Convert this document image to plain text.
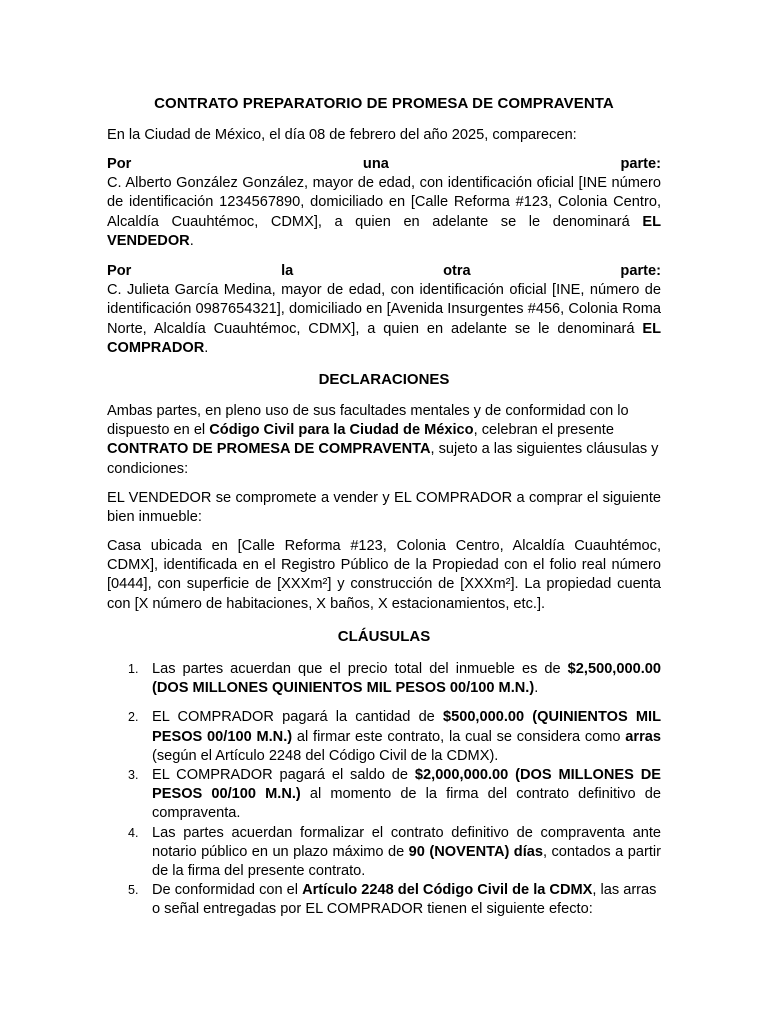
CONTRATO PREPARATORIO DE PROMESA DE COMPRAVENTA
En la Ciudad de México, el día 08 de febrero del año 2025, comparecen:
Por	una	parte:
C. Alberto González González, mayor de edad, con identificación oficial [INE número de identificación 1234567890, domiciliado en [Calle Reforma #123, Colonia Centro, Alcaldía Cuauhtémoc, CDMX], a quien en adelante se le denominará EL VENDEDOR.
Por	la	otra	parte:
C. Julieta García Medina, mayor de edad, con identificación oficial [INE, número de identificación 0987654321], domiciliado en [Avenida Insurgentes #456, Colonia Roma Norte, Alcaldía Cuauhtémoc, CDMX], a quien en adelante se le denominará EL COMPRADOR.
DECLARACIONES
Ambas partes, en pleno uso de sus facultades mentales y de conformidad con lo dispuesto en el Código Civil para la Ciudad de México, celebran el presente CONTRATO DE PROMESA DE COMPRAVENTA, sujeto a las siguientes cláusulas y condiciones:
EL VENDEDOR se compromete a vender y EL COMPRADOR a comprar el siguiente bien inmueble:
Casa ubicada en [Calle Reforma #123, Colonia Centro, Alcaldía Cuauhtémoc, CDMX], identificada en el Registro Público de la Propiedad con el folio real número [0444], con superficie de [XXXm²] y construcción de [XXXm²]. La propiedad cuenta con [X número de habitaciones, X baños, X estacionamientos, etc.].
CLÁUSULAS
1. Las partes acuerdan que el precio total del inmueble es de $2,500,000.00 (DOS MILLONES QUINIENTOS MIL PESOS 00/100 M.N.).
2. EL COMPRADOR pagará la cantidad de $500,000.00 (QUINIENTOS MIL PESOS 00/100 M.N.) al firmar este contrato, la cual se considera como arras (según el Artículo 2248 del Código Civil de la CDMX).
3. EL COMPRADOR pagará el saldo de $2,000,000.00 (DOS MILLONES DE PESOS 00/100 M.N.) al momento de la firma del contrato definitivo de compraventa.
4. Las partes acuerdan formalizar el contrato definitivo de compraventa ante notario público en un plazo máximo de 90 (NOVENTA) días, contados a partir de la firma del presente contrato.
5. De conformidad con el Artículo 2248 del Código Civil de la CDMX, las arras o señal entregadas por EL COMPRADOR tienen el siguiente efecto:
